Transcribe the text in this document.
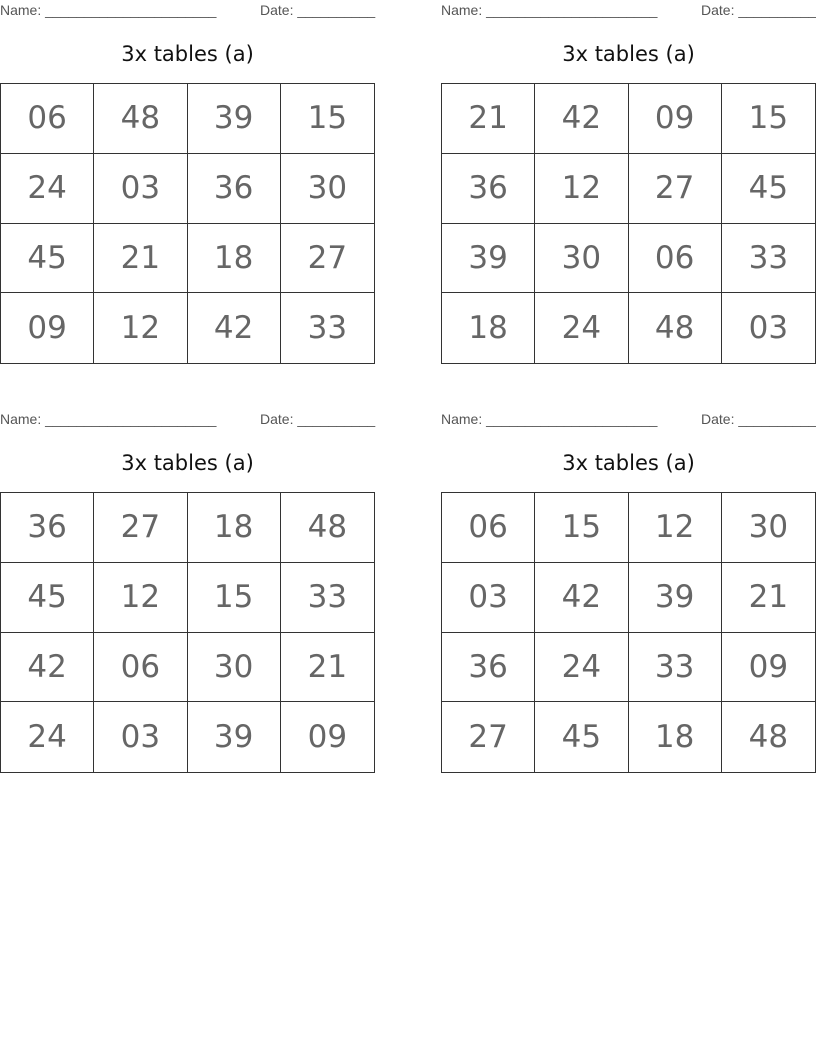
Name: ______________________	Date: __________
3x tables (a)
06	48	39	15
24	03	36	30
45	21	18	27
09	12	42	33
Name: ______________________	Date: __________
3x tables (a)
21	42	09	15
36	12	27	45
39	30	06	33
18	24	48	03
Name: ______________________	Date: __________
3x tables (a)
36	27	18	48
45	12	15	33
42	06	30	21
24	03	39	09
Name: ______________________	Date: __________
3x tables (a)
06	15	12	30
03	42	39	21
36	24	33	09
27	45	18	48
